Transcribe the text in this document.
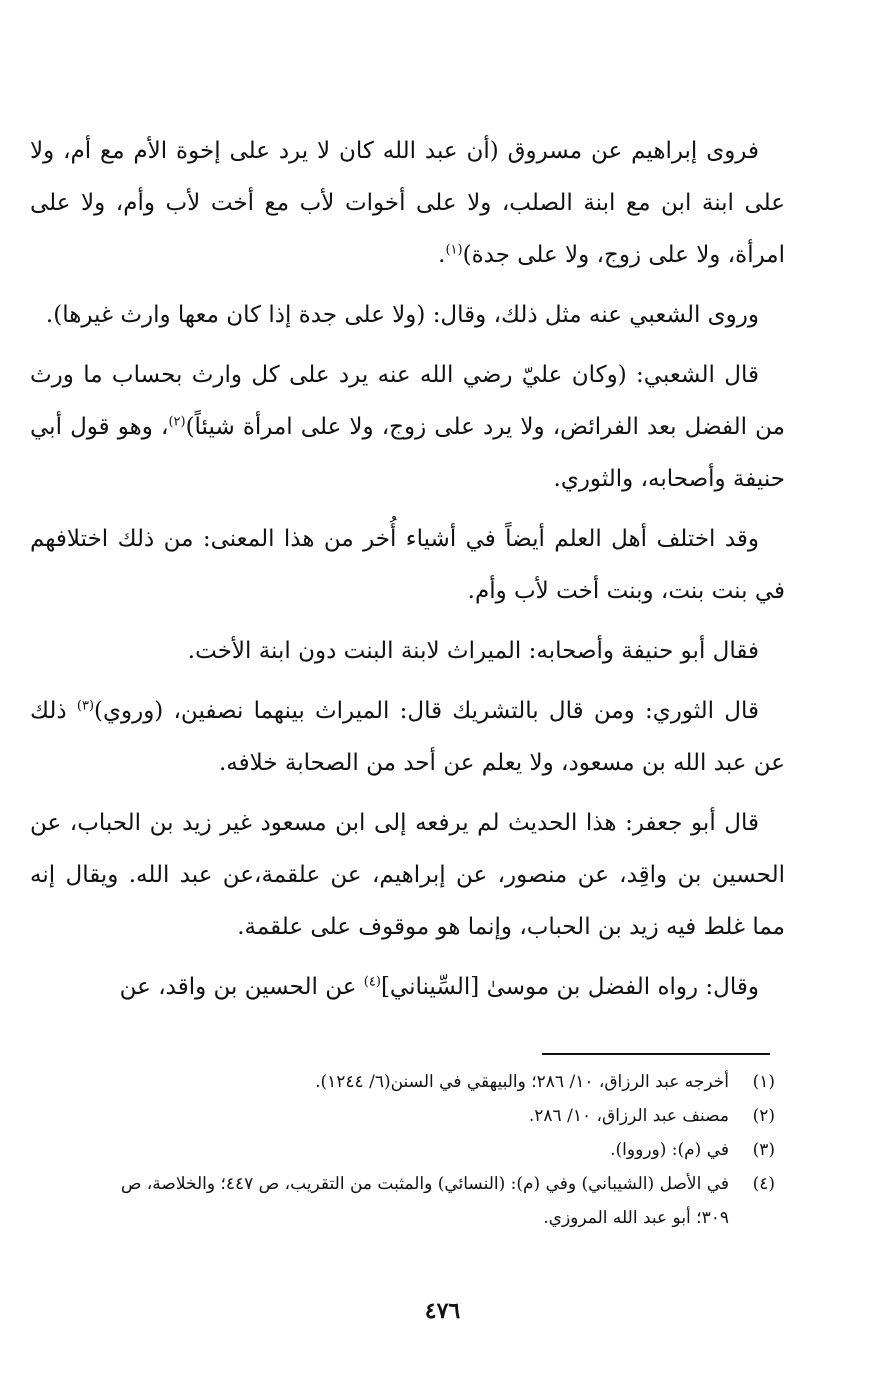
فروى إبراهيم عن مسروق (أن عبد الله كان لا يرد على إخوة الأم مع أم، ولا على ابنة ابن مع ابنة الصلب، ولا على أخوات لأب مع أخت لأب وأم، ولا على امرأة، ولا على زوج، ولا على جدة)$^{(١)}$.

وروى الشعبي عنه مثل ذلك، وقال: (ولا على جدة إذا كان معها وارث غيرها).

قال الشعبي: (وكان عليّ رضي الله عنه يرد على كل وارث بحساب ما ورث من الفضل بعد الفرائض، ولا يرد على زوج، ولا على امرأة شيئاً)$^{(٢)}$، وهو قول أبي حنيفة وأصحابه، والثوري.

وقد اختلف أهل العلم أيضاً في أشياء أُخر من هذا المعنى: من ذلك اختلافهم في بنت بنت، وبنت أخت لأب وأم.

فقال أبو حنيفة وأصحابه: الميراث لابنة البنت دون ابنة الأخت.

قال الثوري: ومن قال بالتشريك قال: الميراث بينهما نصفين، (وروي)$^{(٣)}$ ذلك عن عبد الله بن مسعود، ولا يعلم عن أحد من الصحابة خلافه.

قال أبو جعفر: هذا الحديث لم يرفعه إلى ابن مسعود غير زيد بن الحباب، عن الحسين بن واقِد، عن منصور، عن إبراهيم، عن علقمة،عن عبد الله. ويقال إنه مما غلط فيه زيد بن الحباب، وإنما هو موقوف على علقمة.

وقال: رواه الفضل بن موسىٰ [السِّيناني]$^{(٤)}$ عن الحسين بن واقد، عن

(١)
أخرجه عبد الرزاق، ١٠/ ٢٨٦؛ والبيهقي في السنن(٦/ ١٢٤٤).
(٢)
مصنف عبد الرزاق، ١٠/ ٢٨٦.
(٣)
في (م): (ورووا).
(٤)
في الأصل (الشيباني) وفي (م): (النسائي) والمثبت من التقريب، ص ٤٤٧؛ والخلاصة، ص ٣٠٩؛ أبو عبد الله المروزي.
٤٧٦
